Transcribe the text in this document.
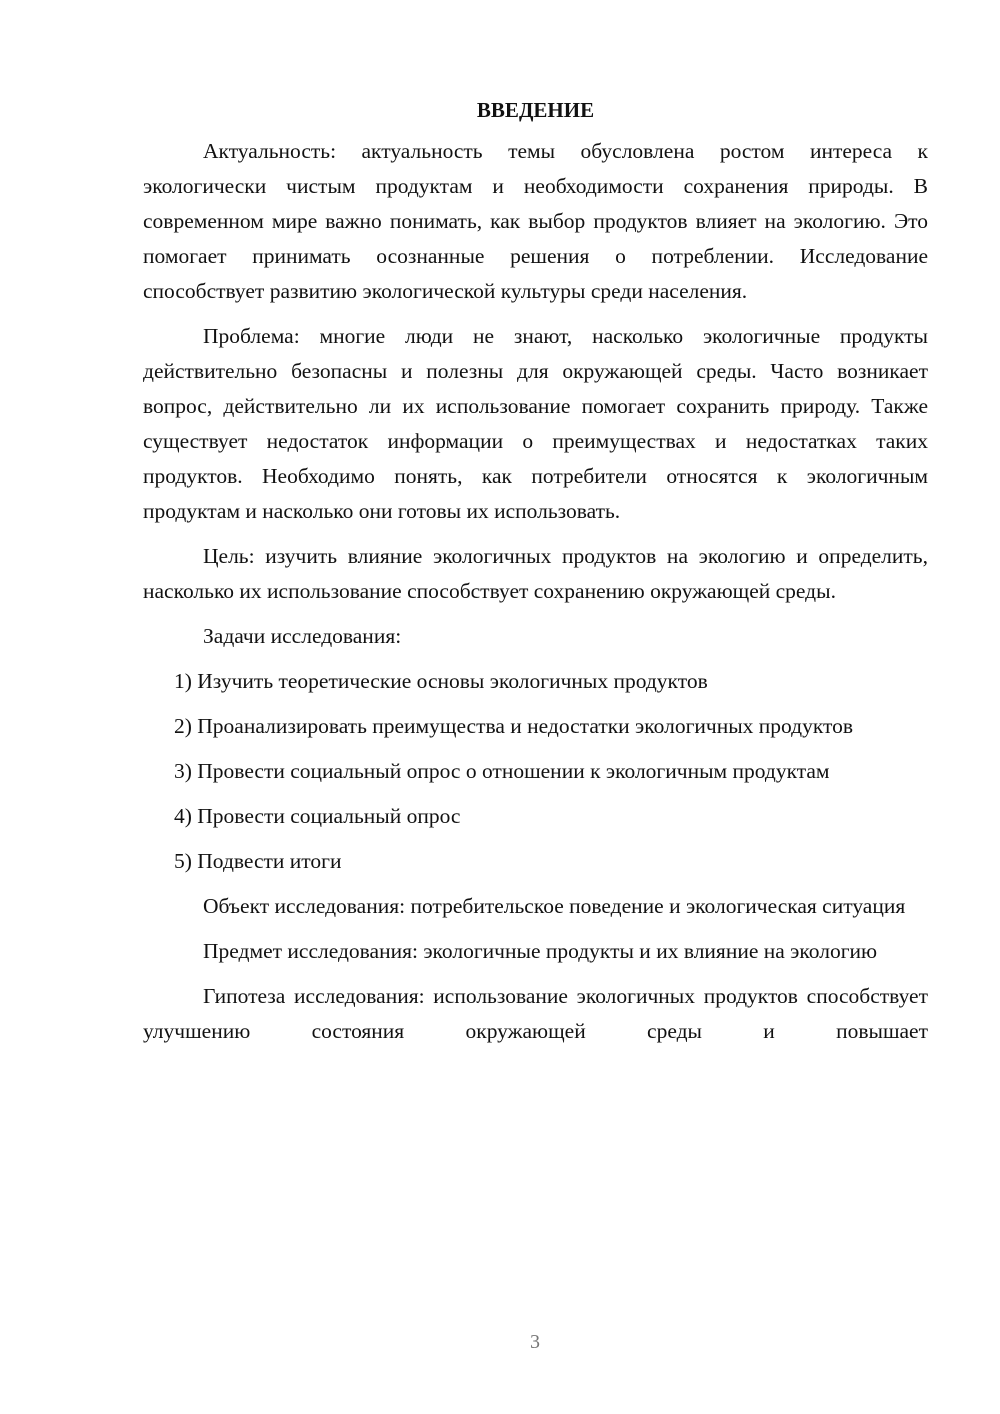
ВВЕДЕНИЕ

Актуальность: актуальность темы обусловлена ростом интереса к экологически чистым продуктам и необходимости сохранения природы. В современном мире важно понимать, как выбор продуктов влияет на экологию. Это помогает принимать осознанные решения о потреблении. Исследование способствует развитию экологической культуры среди населения.

Проблема: многие люди не знают, насколько экологичные продукты действительно безопасны и полезны для окружающей среды. Часто возникает вопрос, действительно ли их использование помогает сохранить природу. Также существует недостаток информации о преимуществах и недостатках таких продуктов. Необходимо понять, как потребители относятся к экологичным продуктам и насколько они готовы их использовать.

Цель: изучить влияние экологичных продуктов на экологию и определить, насколько их использование способствует сохранению окружающей среды.

Задачи исследования:

1) Изучить теоретические основы экологичных продуктов

2) Проанализировать преимущества и недостатки экологичных продуктов

3) Провести социальный опрос о отношении к экологичным продуктам

4) Провести социальный опрос

5) Подвести итоги

Объект исследования: потребительское поведение и экологическая ситуация

Предмет исследования: экологичные продукты и их влияние на экологию

Гипотеза исследования: использование экологичных продуктов способствует улучшению состояния окружающей среды и повышает

3
